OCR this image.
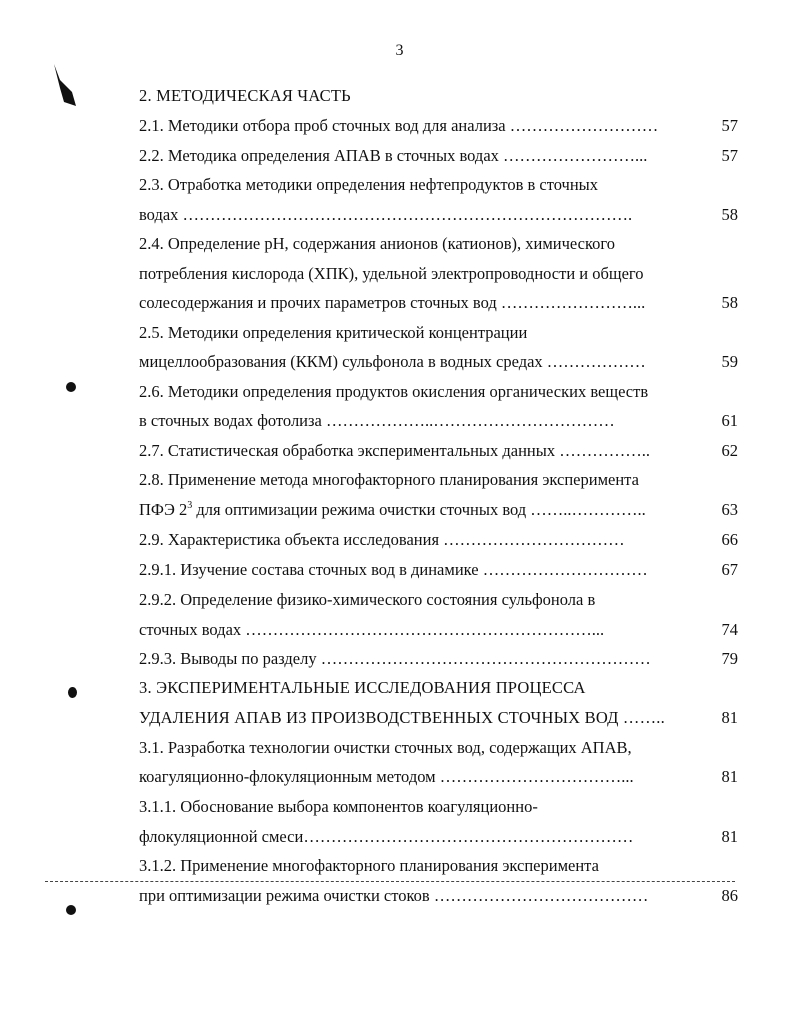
3
2. МЕТОДИЧЕСКАЯ ЧАСТЬ
2.1. Методики отбора проб сточных вод для анализа ………………………	57
2.2. Методика определения АПАВ в сточных водах ……………………...	57
2.3. Отработка методики определения нефтепродуктов в сточных
водах ……………………………………………………………………….	58
2.4. Определение рН, содержания анионов (катионов), химического
потребления кислорода (ХПК), удельной электропроводности и общего
солесодержания и прочих параметров сточных вод ……………………...	58
2.5. Методики определения критической концентрации
мицеллообразования (ККМ) сульфонола в водных средах ………………	59
2.6. Методики определения продуктов окисления органических веществ
в сточных водах фотолиза ………………..……………………………	61
2.7. Статистическая обработка экспериментальных данных ……………..	62
2.8. Применение метода многофакторного планирования эксперимента
ПФЭ $2^3$ для оптимизации режима очистки сточных вод ……..…………..	63
2.9. Характеристика объекта исследования ……………………………	66
2.9.1. Изучение состава сточных вод в динамике …………………………	67
2.9.2. Определение физико-химического состояния сульфонола в
сточных водах ………………………………………………………...	74
2.9.3. Выводы по разделу ……………………………………………………	79
3. ЭКСПЕРИМЕНТАЛЬНЫЕ ИССЛЕДОВАНИЯ ПРОЦЕССА
УДАЛЕНИЯ АПАВ ИЗ ПРОИЗВОДСТВЕННЫХ СТОЧНЫХ ВОД ……..	81
3.1. Разработка технологии очистки сточных вод, содержащих АПАВ,
коагуляционно-флокуляционным методом ……………………………...	81
3.1.1. Обоснование выбора компонентов коагуляционно-
флокуляционной смеси……………………………………………………	81
3.1.2. Применение многофакторного планирования эксперимента
при оптимизации режима очистки стоков …………………………………	86
